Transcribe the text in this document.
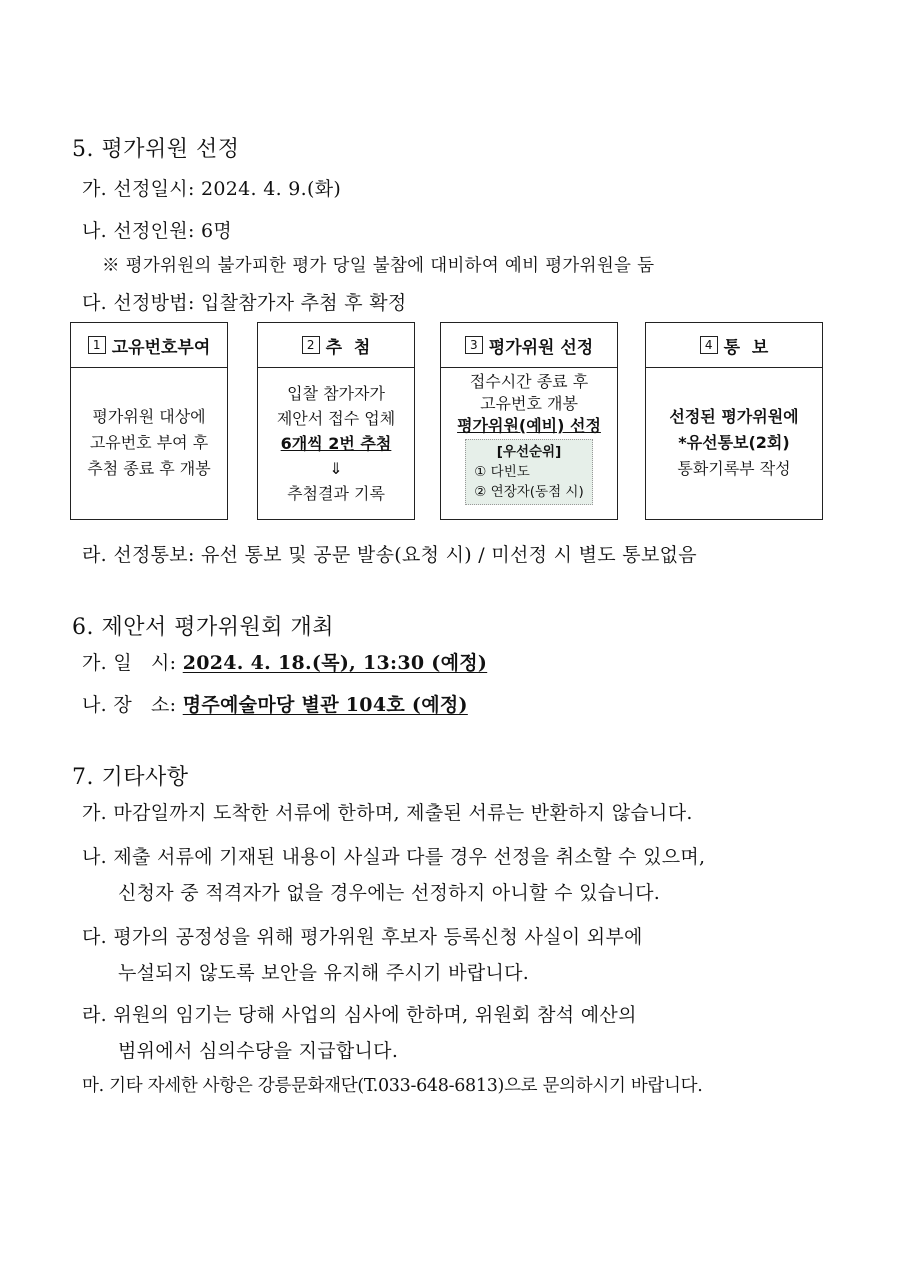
5. 평가위원 선정
가. 선정일시: 2024. 4. 9.(화)
나. 선정인원: 6명
※ 평가위원의 불가피한 평가 당일 불참에 대비하여 예비 평가위원을 둠
다. 선정방법: 입찰참가자 추첨 후 확정
1 고유번호부여
평가위원 대상에
고유번호 부여 후
추첨 종료 후 개봉
2 추  첨
입찰 참가자가
제안서 접수 업체
6개씩 2번 추첨
⇓
추첨결과 기록
3 평가위원 선정
접수시간 종료 후
고유번호 개봉
평가위원(예비) 선정
[우선순위]
① 다빈도
② 연장자(동점 시)
4 통  보
선정된 평가위원에
*유선통보(2회)
통화기록부 작성
라. 선정통보: 유선 통보 및 공문 발송(요청 시) / 미선정 시 별도 통보없음
6. 제안서 평가위원회 개최
가. 일   시: 2024. 4. 18.(목), 13:30 (예정)
나. 장   소: 명주예술마당 별관 104호 (예정)
7. 기타사항
가. 마감일까지 도착한 서류에 한하며, 제출된 서류는 반환하지 않습니다.
나. 제출 서류에 기재된 내용이 사실과 다를 경우 선정을 취소할 수 있으며,
신청자 중 적격자가 없을 경우에는 선정하지 아니할 수 있습니다.
다. 평가의 공정성을 위해 평가위원 후보자 등록신청 사실이 외부에
누설되지 않도록 보안을 유지해 주시기 바랍니다.
라. 위원의 임기는 당해 사업의 심사에 한하며, 위원회 참석 예산의
범위에서 심의수당을 지급합니다.
마. 기타 자세한 사항은 강릉문화재단(T.033-648-6813)으로 문의하시기 바랍니다.
